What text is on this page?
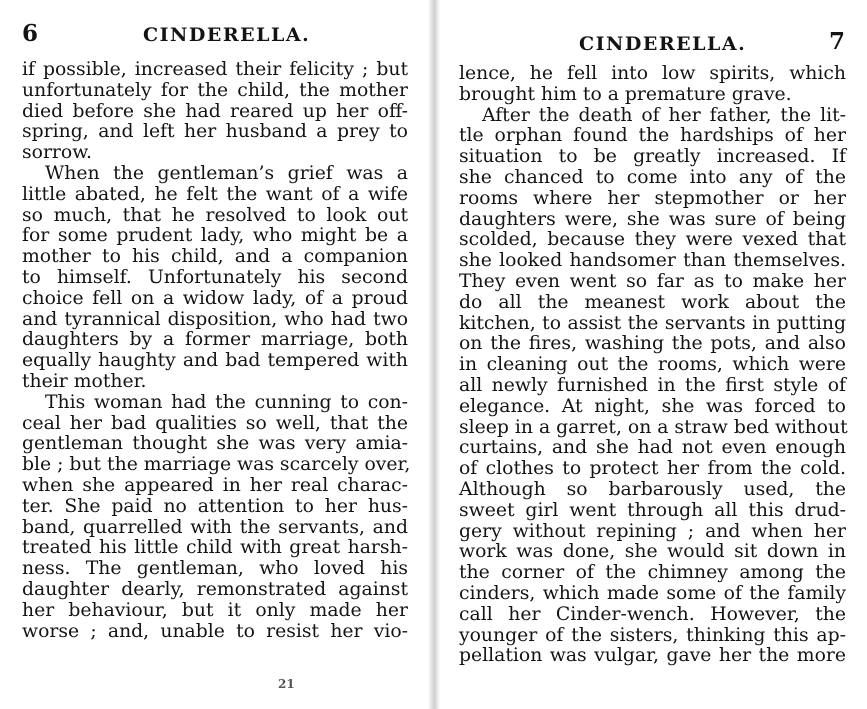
6	CINDERELLA.
if possible, increased their felicity ; but
unfortunately for the child, the mother
died before she had reared up her off-
spring, and left her husband a prey to
sorrow.
When the gentleman’s grief was a
little abated, he felt the want of a wife
so much, that he resolved to look out
for some prudent lady, who might be a
mother to his child, and a companion
to himself. Unfortunately his second
choice fell on a widow lady, of a proud
and tyrannical disposition, who had two
daughters by a former marriage, both
equally haughty and bad tempered with
their mother.
This woman had the cunning to con-
ceal her bad qualities so well, that the
gentleman thought she was very amia-
ble ; but the marriage was scarcely over,
when she appeared in her real charac-
ter. She paid no attention to her hus-
band, quarrelled with the servants, and
treated his little child with great harsh-
ness. The gentleman, who loved his
daughter dearly, remonstrated against
her behaviour, but it only made her
worse ; and, unable to resist her vio-
21
CINDERELLA.	7
lence, he fell into low spirits, which
brought him to a premature grave.
After the death of her father, the lit-
tle orphan found the hardships of her
situation to be greatly increased. If
she chanced to come into any of the
rooms where her stepmother or her
daughters were, she was sure of being
scolded, because they were vexed that
she looked handsomer than themselves.
They even went so far as to make her
do all the meanest work about the
kitchen, to assist the servants in putting
on the fires, washing the pots, and also
in cleaning out the rooms, which were
all newly furnished in the first style of
elegance. At night, she was forced to
sleep in a garret, on a straw bed without
curtains, and she had not even enough
of clothes to protect her from the cold.
Although so barbarously used, the
sweet girl went through all this drud-
gery without repining ; and when her
work was done, she would sit down in
the corner of the chimney among the
cinders, which made some of the family
call her Cinder-wench. However, the
younger of the sisters, thinking this ap-
pellation was vulgar, gave her the more
